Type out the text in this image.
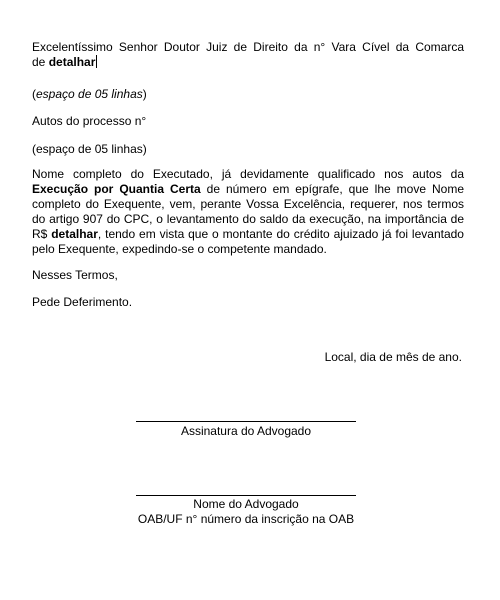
Excelentíssimo Senhor Doutor Juiz de Direito da n° Vara Cível da Comarca
de detalhar

(espaço de 05 linhas)

Autos do processo n°

(espaço de 05 linhas)

Nome completo do Executado, já devidamente qualificado nos autos da Execução por Quantia Certa de número em epígrafe, que lhe move Nome completo do Exequente, vem, perante Vossa Excelência, requerer, nos termos do artigo 907 do CPC, o levantamento do saldo da execução, na importância de R$ detalhar, tendo em vista que o montante do crédito ajuizado já foi levantado pelo Exequente, expedindo-se o competente mandado.

Nesses Termos,

Pede Deferimento.

Local, dia de mês de ano.

Assinatura do Advogado

Nome do Advogado

OAB/UF n° número da inscrição na OAB
